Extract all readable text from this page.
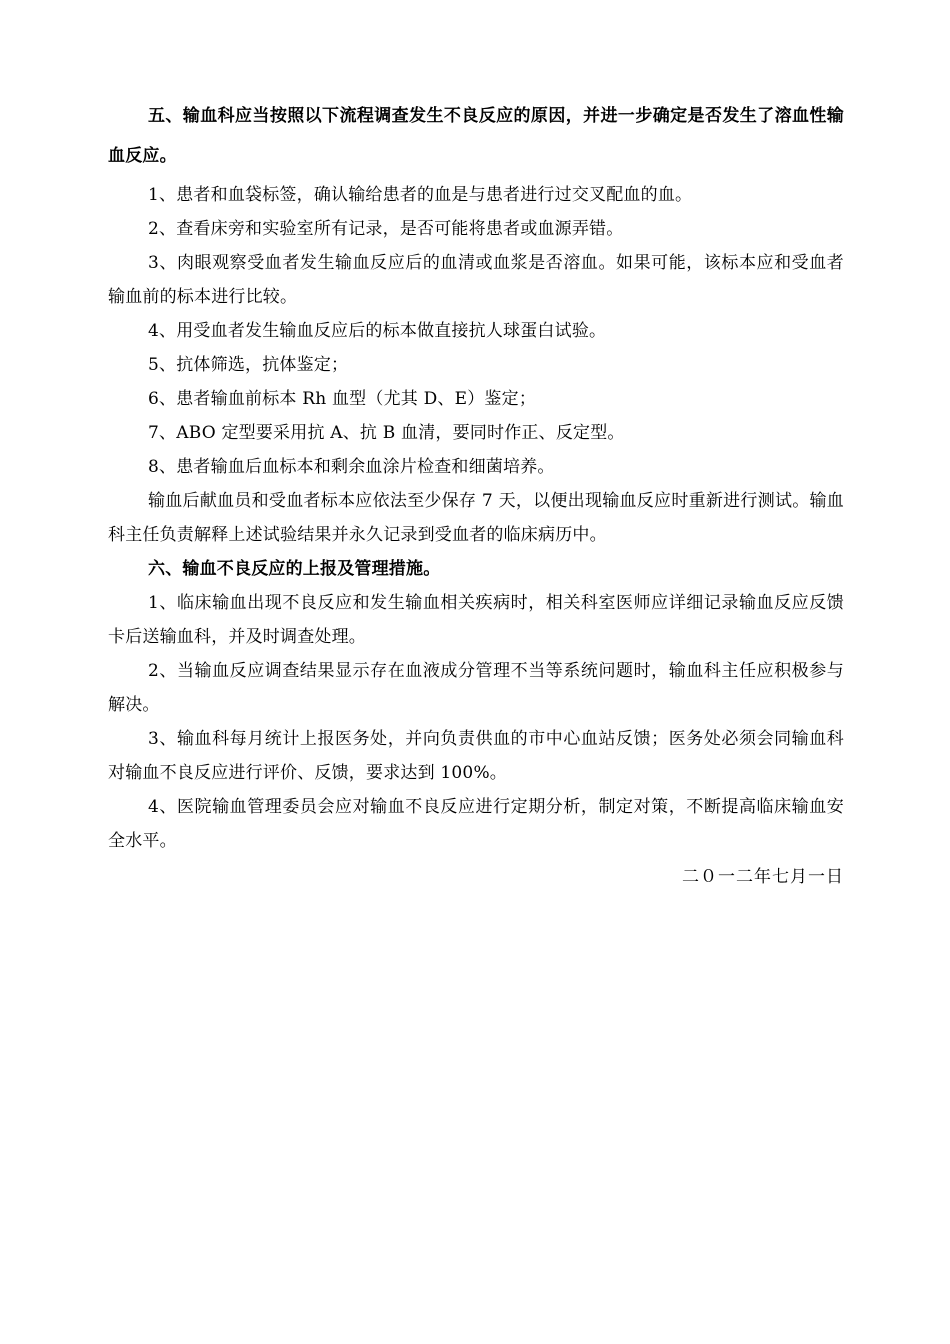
五、输血科应当按照以下流程调查发生不良反应的原因，并进一步确定是否发生了溶血性输血反应。

1、患者和血袋标签，确认输给患者的血是与患者进行过交叉配血的血。

2、查看床旁和实验室所有记录，是否可能将患者或血源弄错。

3、肉眼观察受血者发生输血反应后的血清或血浆是否溶血。如果可能，该标本应和受血者输血前的标本进行比较。

4、用受血者发生输血反应后的标本做直接抗人球蛋白试验。

5、抗体筛选，抗体鉴定；

6、患者输血前标本 Rh 血型（尤其 D、E）鉴定；

7、ABO 定型要采用抗 A、抗 B 血清，要同时作正、反定型。

8、患者输血后血标本和剩余血涂片检查和细菌培养。

输血后献血员和受血者标本应依法至少保存 7 天，以便出现输血反应时重新进行测试。输血科主任负责解释上述试验结果并永久记录到受血者的临床病历中。

六、输血不良反应的上报及管理措施。

1、临床输血出现不良反应和发生输血相关疾病时，相关科室医师应详细记录输血反应反馈卡后送输血科，并及时调查处理。

2、当输血反应调查结果显示存在血液成分管理不当等系统问题时，输血科主任应积极参与解决。

3、输血科每月统计上报医务处，并向负责供血的市中心血站反馈；医务处必须会同输血科对输血不良反应进行评价、反馈，要求达到 100%。

4、医院输血管理委员会应对输血不良反应进行定期分析，制定对策，不断提高临床输血安全水平。

二０一二年七月一日
